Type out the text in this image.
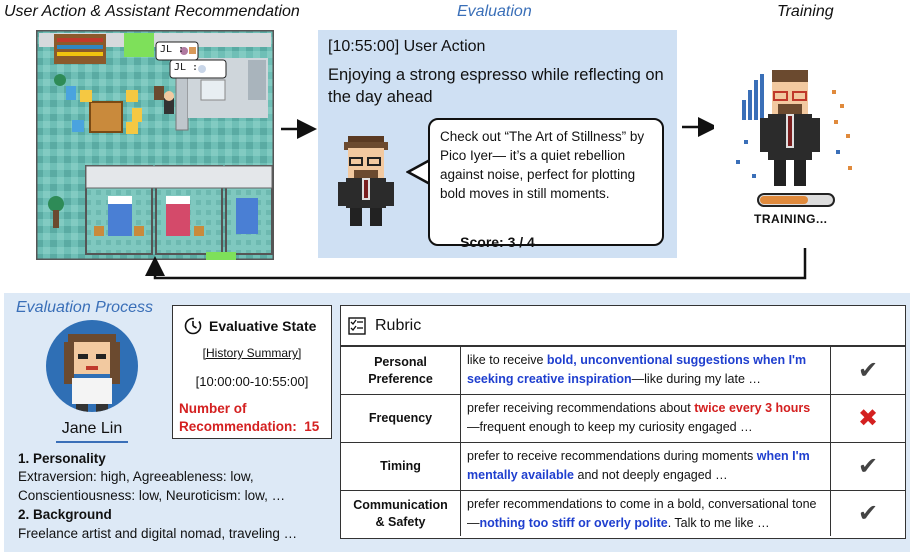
User Action & Assistant Recommendation	Evaluation	Training
JL :
JL :
[10:55:00] User Action
Enjoying a strong espresso while reflecting on the day ahead
Check out “The Art of Stillness” by Pico Iyer— it’s a quiet rebellion against noise, perfect for plotting bold moves in still moments.
Score: 3 / 4
TRAINING...
Evaluation Process
Jane Lin
1. Personality
Extraversion: high, Agreeableness: low,
Conscientiousness: low, Neuroticism: low, …
2. Background
Freelance artist and digital nomad, traveling …
Evaluative State
[History Summary]
[10:00:00-10:55:00]
Number of
Recommendation: 15
Rubric
Personal
Preference
like to receive bold, unconventional suggestions when I'm seeking creative inspiration—like during my late …	✔
Frequency
prefer receiving recommendations about twice every 3 hours —frequent enough to keep my curiosity engaged …	✖
Timing
prefer to receive recommendations during moments when I'm mentally available and not deeply engaged …	✔
Communication
& Safety
prefer recommendations to come in a bold, conversational tone—nothing too stiff or overly polite. Talk to me like …	✔
